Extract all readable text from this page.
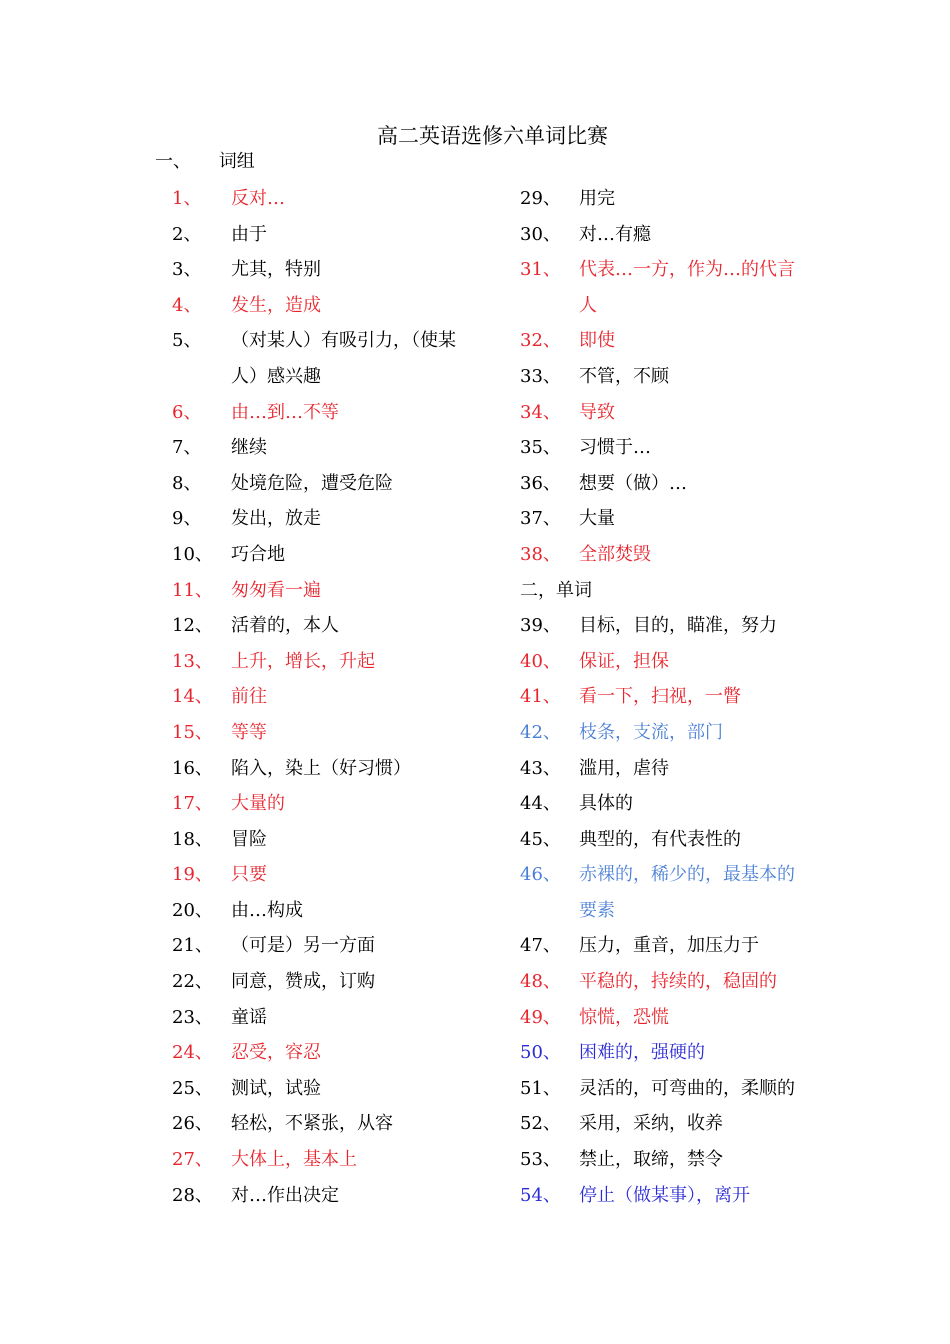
高二英语选修六单词比赛
一、 词组
1、 反对…
2、 由于
3、 尤其，特别
4、 发生，造成
5、 （对某人）有吸引力，（使某人）感兴趣
6、 由…到…不等
7、 继续
8、 处境危险，遭受危险
9、 发出，放走
10、 巧合地
11、 匆匆看一遍
12、 活着的，本人
13、 上升，增长，升起
14、 前往
15、 等等
16、 陷入，染上（好习惯）
17、 大量的
18、 冒险
19、 只要
20、 由…构成
21、 （可是）另一方面
22、 同意，赞成，订购
23、 童谣
24、 忍受，容忍
25、 测试，试验
26、 轻松，不紧张，从容
27、 大体上，基本上
28、 对…作出决定
29、 用完
30、 对…有瘾
31、 代表…一方，作为…的代言人
32、 即使
33、 不管，不顾
34、 导致
35、 习惯于…
36、 想要（做）…
37、 大量
38、 全部焚毁
二，单词
39、 目标，目的，瞄准，努力
40、 保证，担保
41、 看一下，扫视，一瞥
42、 枝条，支流，部门
43、 滥用，虐待
44、 具体的
45、 典型的，有代表性的
46、 赤裸的，稀少的，最基本的要素
47、 压力，重音，加压力于
48、 平稳的，持续的，稳固的
49、 惊慌，恐慌
50、 困难的，强硬的
51、 灵活的，可弯曲的，柔顺的
52、 采用，采纳，收养
53、 禁止，取缔，禁令
54、 停止（做某事），离开
